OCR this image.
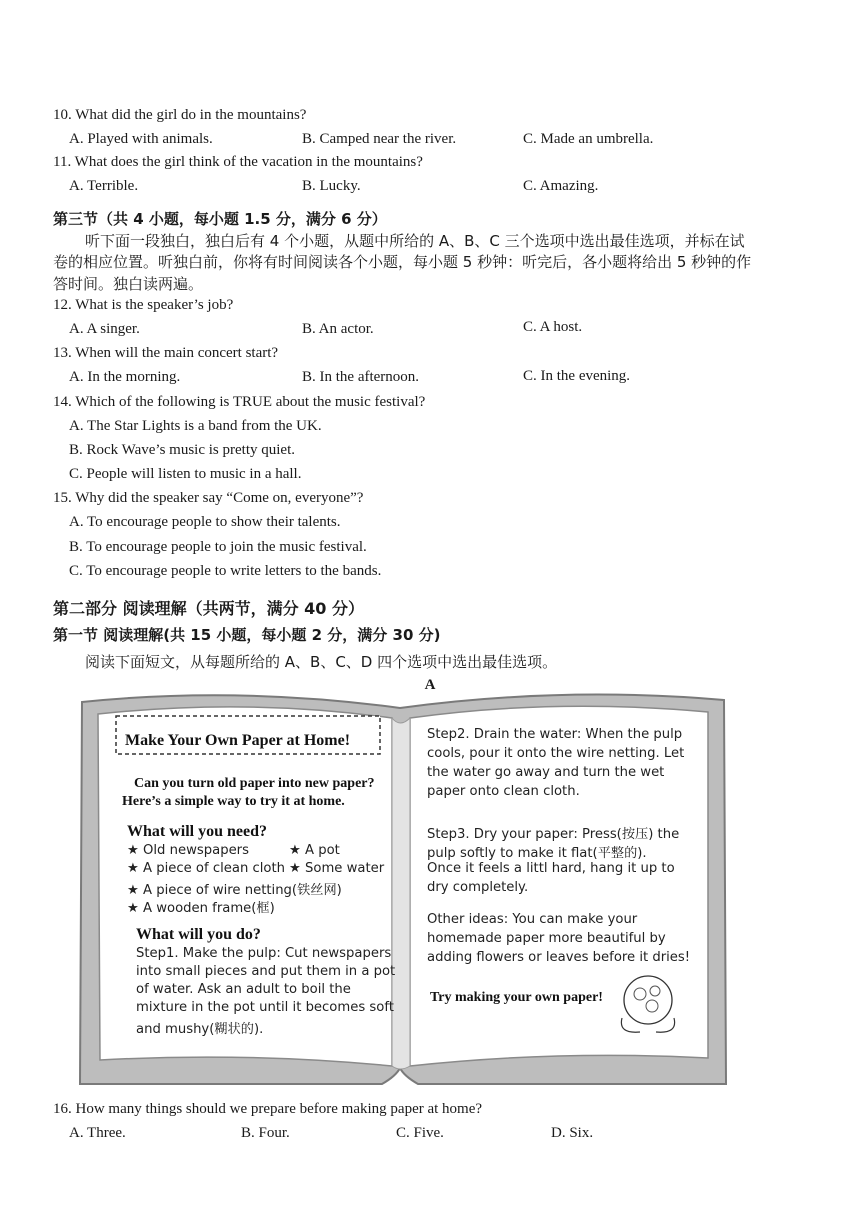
10. What did the girl do in the mountains?
A. Played with animals.	B. Camped near the river.	C. Made an umbrella.
11. What does the girl think of the vacation in the mountains?
A. Terrible.	B. Lucky.	C. Amazing.
第三节（共 4 小题，每小题 1.5 分，满分 6 分）
听下面一段独白，独白后有 4 个小题，从题中所给的 A、B、C 三个选项中选出最佳选项，并标在试
卷的相应位置。听独白前，你将有时间阅读各个小题，每小题 5 秒钟：听完后，各小题将给出 5 秒钟的作
答时间。独白读两遍。
12. What is the speaker’s job?
A. A singer.	B. An actor.	C. A host.
13. When will the main concert start?
A. In the morning.	B. In the afternoon.	C. In the evening.
14. Which of the following is TRUE about the music festival?
A. The Star Lights is a band from the UK.
B. Rock Wave’s music is pretty quiet.
C. People will listen to music in a hall.
15. Why did the speaker say “Come on, everyone”?
A. To encourage people to show their talents.
B. To encourage people to join the music festival.
C. To encourage people to write letters to the bands.
第二部分 阅读理解（共两节，满分 40 分）
第一节 阅读理解(共 15 小题，每小题 2 分，满分 30 分)
阅读下面短文，从每题所给的 A、B、C、D 四个选项中选出最佳选项。
A
Make Your Own Paper at Home!
Can you turn old paper into new paper?
Here’s a simple way to try it at home.
What will you need?
★ Old newspapers	★ A pot
★ A piece of clean cloth ★ Some water
★ A piece of wire netting(铁丝网)
★ A wooden frame(框)
What will you do?
Step1. Make the pulp: Cut newspapers
into small pieces and put them in a pot
of water. Ask an adult to boil the
mixture in the pot until it becomes soft
and mushy(糊状的).
Step2. Drain the water: When the pulp
cools, pour it onto the wire netting. Let
the water go away and turn the wet
paper onto clean cloth.
Step3. Dry your paper: Press(按压) the
pulp softly to make it flat(平整的).
Once it feels a littl hard, hang it up to
dry completely.
Other ideas: You can make your
homemade paper more beautiful by
adding flowers or leaves before it dries!
Try making your own paper!
16. How many things should we prepare before making paper at home?
A. Three.	B. Four.	C. Five.	D. Six.
